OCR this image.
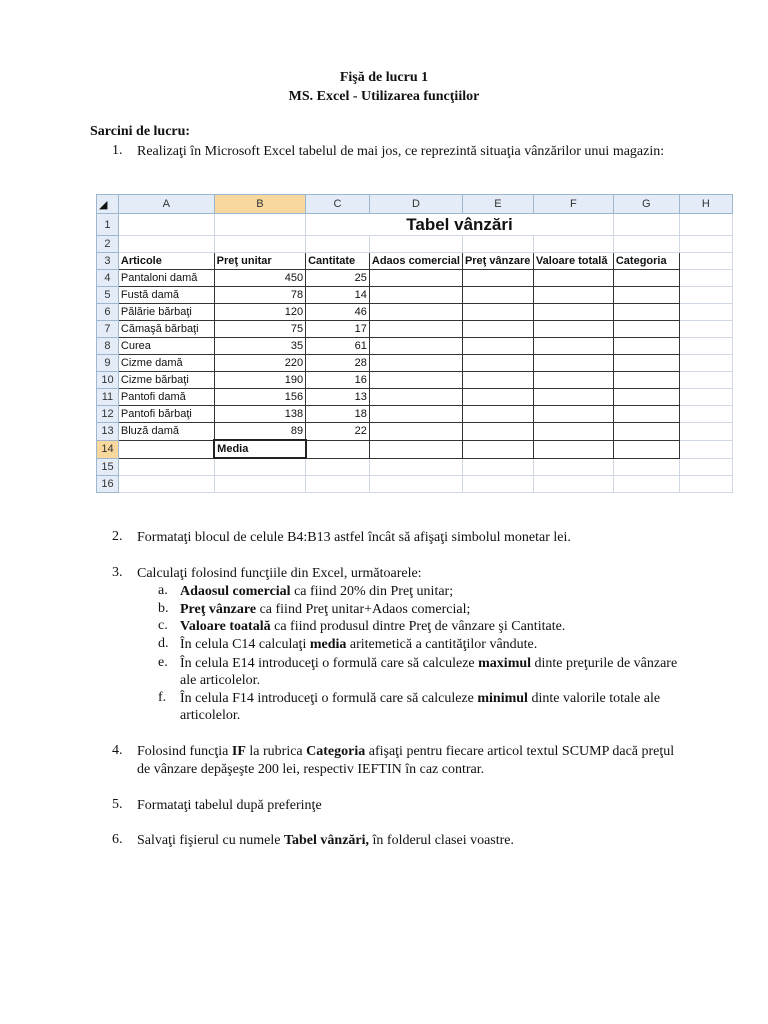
Fişă de lucru 1
MS. Excel - Utilizarea funcţiilor
Sarcini de lucru:
1. Realizaţi în Microsoft Excel tabelul de mai jos, ce reprezintă situaţia vânzărilor unui magazin:
◢	A	B	C	D	E	F	G	H
1			Tabel vânzări					
2								
3	Articole	Preţ unitar	Cantitate	Adaos comercial	Preţ vânzare	Valoare totală	Categoria	
4	Pantaloni damă	450	25					
5	Fustă damă	78	14					
6	Pălărie bărbaţi	120	46					
7	Cămaşă bărbaţi	75	17					
8	Curea	35	61					
9	Cizme damă	220	28					
10	Cizme bărbaţi	190	16					
11	Pantofi damă	156	13					
12	Pantofi bărbaţi	138	18					
13	Bluză damă	89	22					
14		Media						
15								
16								
2. Formataţi blocul de celule B4:B13 astfel încât să afişaţi simbolul monetar lei.
3. Calculaţi folosind funcţiile din Excel, următoarele:
a. Adaosul comercial ca fiind 20% din Preţ unitar;
b. Preţ vânzare ca fiind Preţ unitar+Adaos comercial;
c. Valoare toatală ca fiind produsul dintre Preţ de vânzare şi Cantitate.
d. În celula C14 calculaţi media aritemetică a cantităţilor vândute.
e. În celula E14 introduceţi o formulă care să calculeze maximul dinte preţurile de vânzare
ale articolelor.
f. În celula F14 introduceţi o formulă care să calculeze minimul dinte valorile totale ale
articolelor.
4. Folosind funcţia IF la rubrica Categoria afişaţi pentru fiecare articol textul SCUMP dacă preţul
de vânzare depăşeşte 200 lei, respectiv IEFTIN în caz contrar.
5. Formataţi tabelul după preferinţe
6. Salvaţi fişierul cu numele Tabel vânzări, în folderul clasei voastre.
